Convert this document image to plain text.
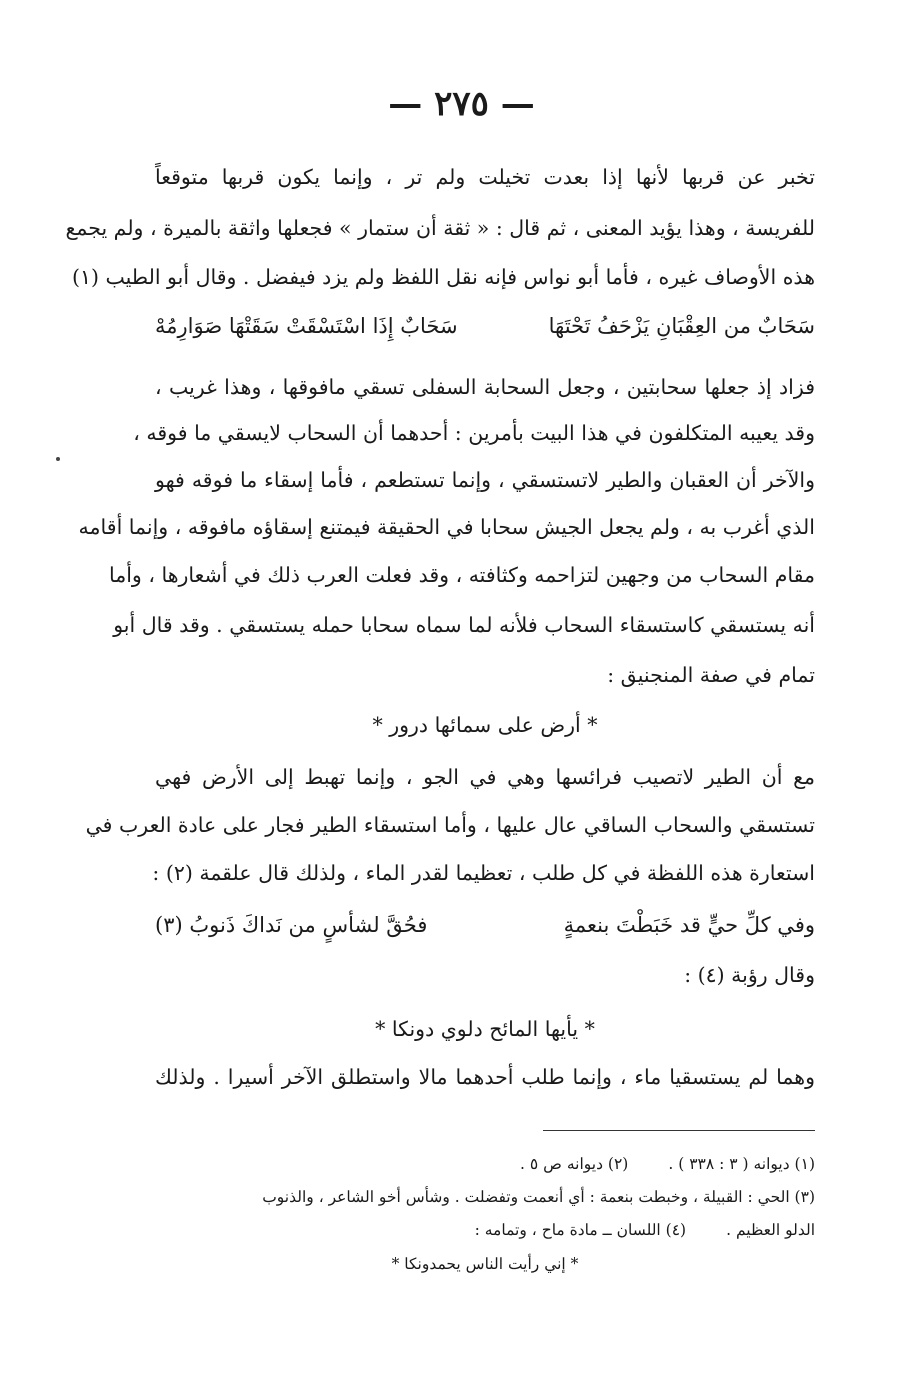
— ٢٧٥ —
تخبر عن قربها لأنها إذا بعدت تخيلت ولم تر ، وإنما يكون قربها متوقعاً
للفريسة ، وهذا يؤيد المعنى ، ثم قال : « ثقة أن ستمار » فجعلها واثقة بالميرة ، ولم يجمع
هذه الأوصاف غيره ، فأما أبو نواس فإنه نقل اللفظ ولم يزد فيفضل . وقال أبو الطيب (١)
سَحَابٌ من العِقْبَانِ يَزْحَفُ تَحْتَهَا
سَحَابٌ إِذَا اسْتَسْقَتْ سَقَتْهَا صَوَارِمُهْ
فزاد إذ جعلها سحابتين ، وجعل السحابة السفلى تسقي مافوقها ، وهذا غريب ،
وقد يعيبه المتكلفون في هذا البيت بأمرين : أحدهما أن السحاب لايسقي ما فوقه ،
والآخر أن العقبان والطير لاتستسقي ، وإنما تستطعم ، فأما إسقاء ما فوقه فهو
الذي أغرب به ، ولم يجعل الجيش سحابا في الحقيقة فيمتنع إسقاؤه مافوقه ، وإنما أقامه
مقام السحاب من وجهين لتزاحمه وكثافته ، وقد فعلت العرب ذلك في أشعارها ، وأما
أنه يستسقي كاستسقاء السحاب فلأنه لما سماه سحابا حمله يستسقي . وقد قال أبو
تمام في صفة المنجنيق :
* أرض على سمائها درور *
مع أن الطير لاتصيب فرائسها وهي في الجو ، وإنما تهبط إلى الأرض فهي
تستسقي والسحاب الساقي عال عليها ، وأما استسقاء الطير فجار على عادة العرب في
استعارة هذه اللفظة في كل طلب ، تعظيما لقدر الماء ، ولذلك قال علقمة (٢) :
وفي كلِّ حيٍّ قد خَبَطْتَ بنعمةٍ
فحُقَّ لشأسٍ من نَداكَ ذَنوبُ (٣)
وقال رؤبة (٤) :
* يأيها المائح دلوي دونكا *
وهما لم يستسقيا ماء ، وإنما طلب أحدهما مالا واستطلق الآخر أسيرا . ولذلك
(١) ديوانه ( ٣ : ٣٣٨ ) .(٢) ديوانه ص ٥ .
(٣) الحي : القبيلة ، وخبطت بنعمة : أي أنعمت وتفضلت . وشأس أخو الشاعر ، والذنوب
الدلو العظيم .(٤) اللسان ــ مادة ماح ، وتمامه :
* إني رأيت الناس يحمدونكا *
